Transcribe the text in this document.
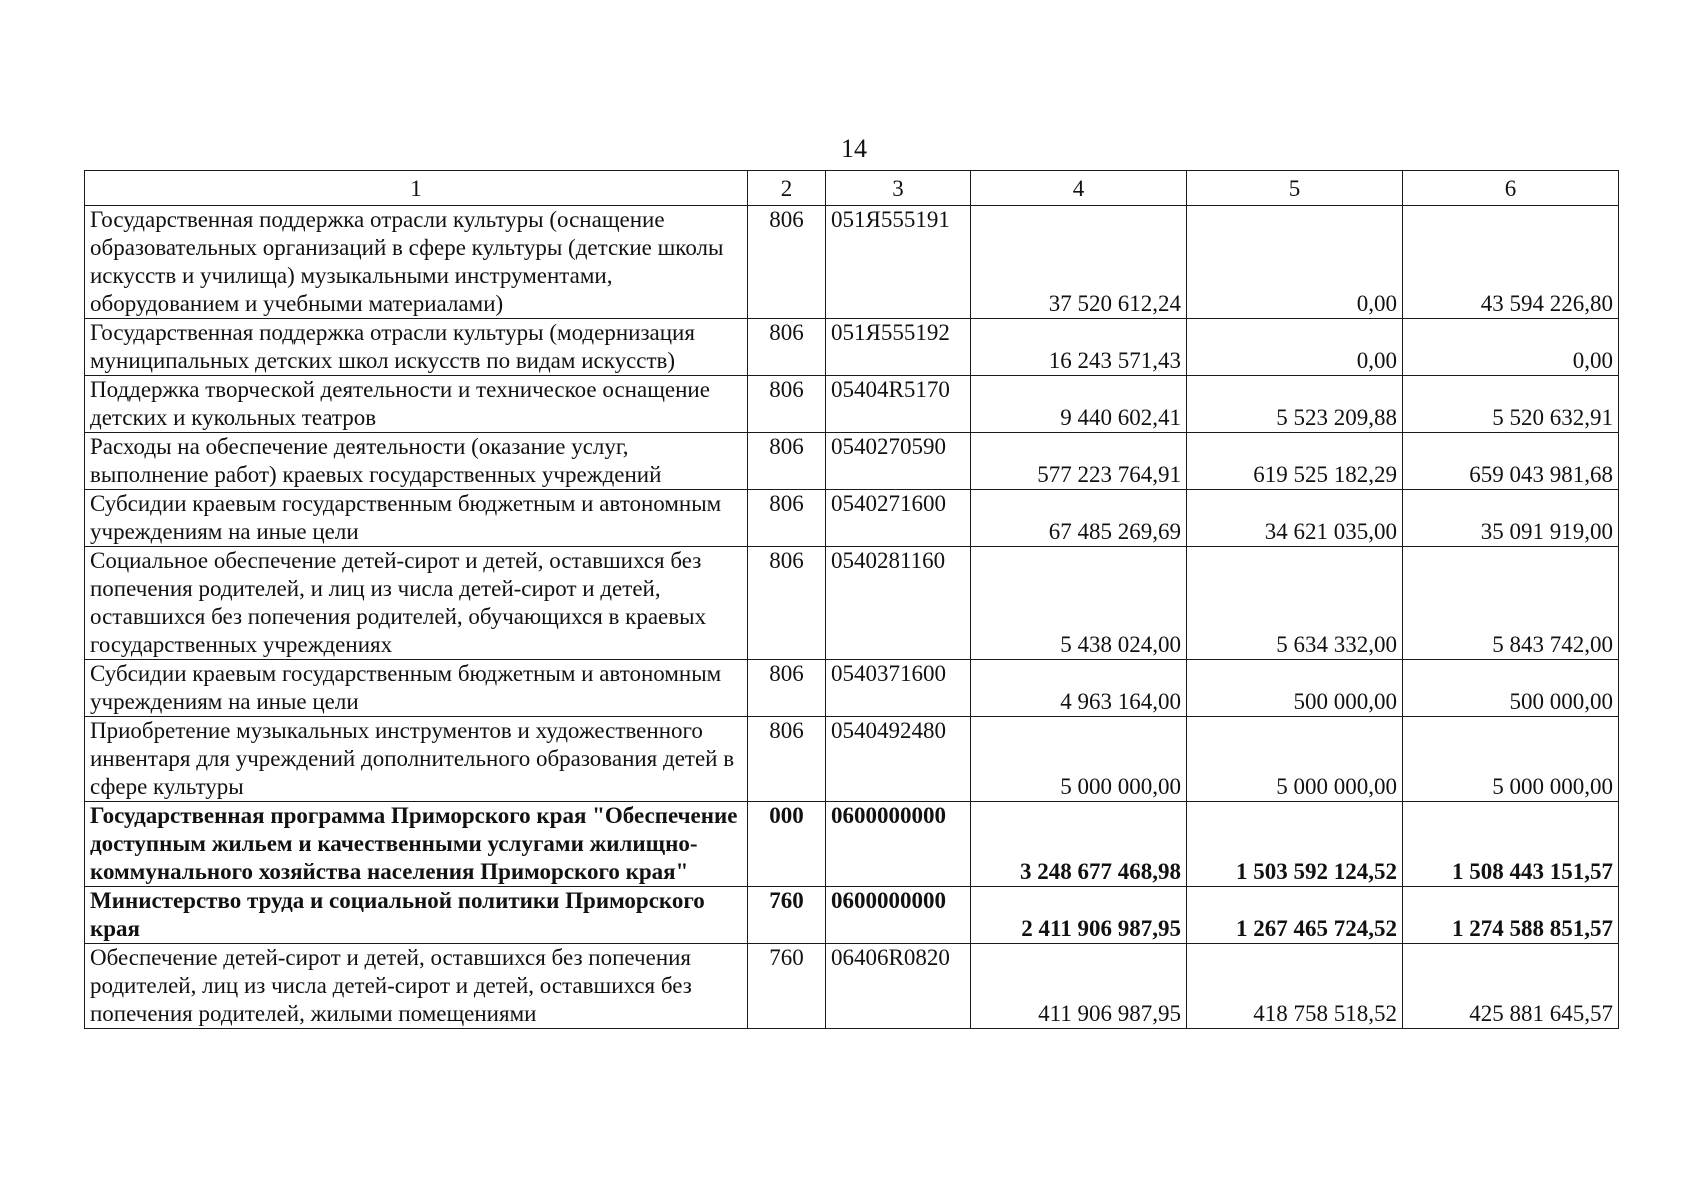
14
1	2	3	4	5	6
Государственная поддержка отрасли культуры (оснащение образовательных организаций в сфере культуры (детские школы искусств и училища) музыкальными инструментами, оборудованием и учебными материалами)	806	051Я555191	37 520 612,24	0,00	43 594 226,80
Государственная поддержка отрасли культуры (модернизация муниципальных детских школ искусств по видам искусств)	806	051Я555192	16 243 571,43	0,00	0,00
Поддержка творческой деятельности и техническое оснащение детских и кукольных театров	806	05404R5170	9 440 602,41	5 523 209,88	5 520 632,91
Расходы на обеспечение деятельности (оказание услуг, выполнение работ) краевых государственных учреждений	806	0540270590	577 223 764,91	619 525 182,29	659 043 981,68
Субсидии краевым государственным бюджетным и автономным учреждениям на иные цели	806	0540271600	67 485 269,69	34 621 035,00	35 091 919,00
Социальное обеспечение детей-сирот и детей, оставшихся без попечения родителей, и лиц из числа детей-сирот и детей, оставшихся без попечения родителей, обучающихся в краевых государственных учреждениях	806	0540281160	5 438 024,00	5 634 332,00	5 843 742,00
Субсидии краевым государственным бюджетным и автономным учреждениям на иные цели	806	0540371600	4 963 164,00	500 000,00	500 000,00
Приобретение музыкальных инструментов и художественного инвентаря для учреждений дополнительного образования детей в сфере культуры	806	0540492480	5 000 000,00	5 000 000,00	5 000 000,00
Государственная программа Приморского края "Обеспечение доступным жильем и качественными услугами жилищно-коммунального хозяйства населения Приморского края"	000	0600000000	3 248 677 468,98	1 503 592 124,52	1 508 443 151,57
Министерство труда и социальной политики Приморского края	760	0600000000	2 411 906 987,95	1 267 465 724,52	1 274 588 851,57
Обеспечение детей-сирот и детей, оставшихся без попечения родителей, лиц из числа детей-сирот и детей, оставшихся без попечения родителей, жилыми помещениями	760	06406R0820	411 906 987,95	418 758 518,52	425 881 645,57
